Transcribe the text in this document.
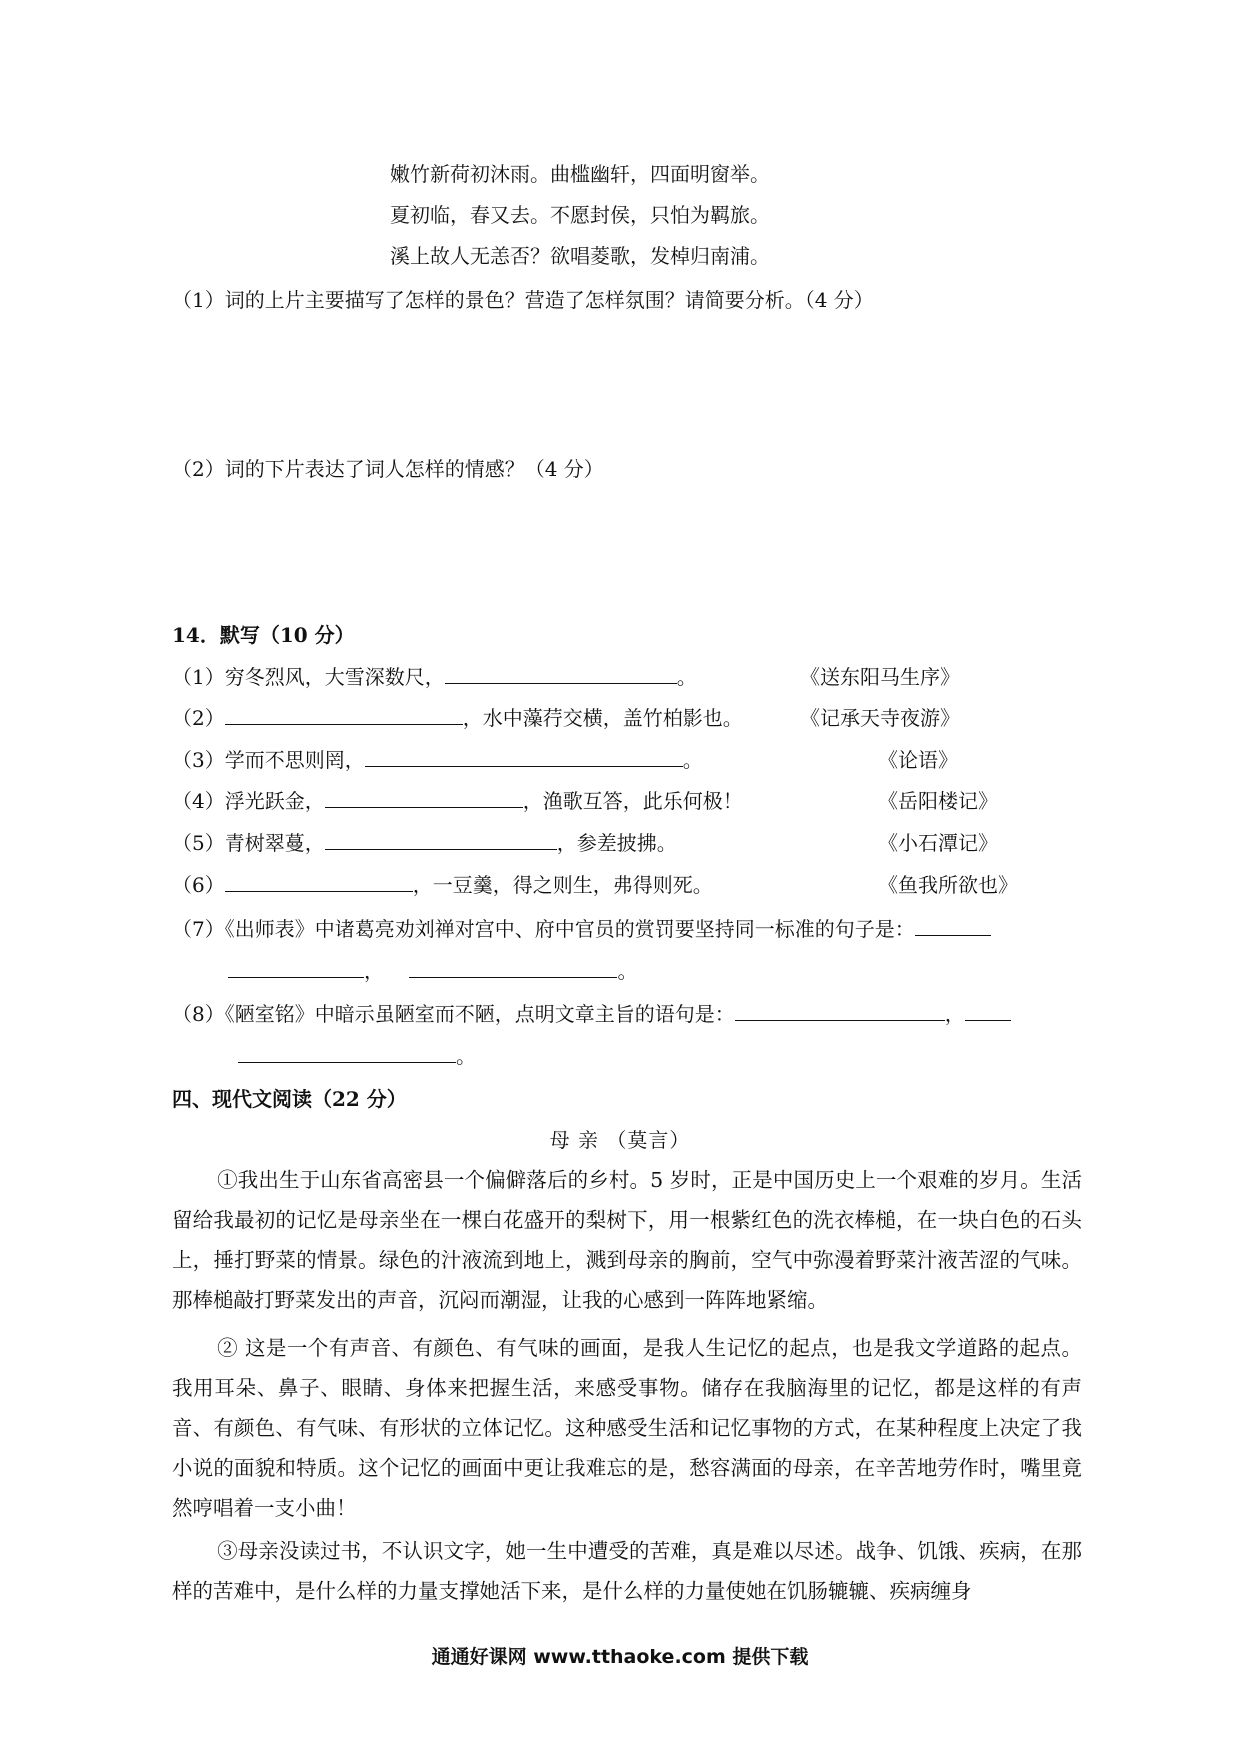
嫩竹新荷初沐雨。曲槛幽轩，四面明窗举。
夏初临，春又去。不愿封侯，只怕为羁旅。
溪上故人无恙否？欲唱菱歌，发棹归南浦。
（1）词的上片主要描写了怎样的景色？营造了怎样氛围？请简要分析。（4 分）
（2）词的下片表达了词人怎样的情感？（4 分）
14．默写（10 分）
（1）穷冬烈风，大雪深数尺，	。	《送东阳马生序》
（2）	，水中藻荇交横，盖竹柏影也。	《记承天寺夜游》
（3）学而不思则罔，	。	《论语》
（4）浮光跃金，	，渔歌互答，此乐何极！	《岳阳楼记》
（5）青树翠蔓，	，参差披拂。	《小石潭记》
（6）	，一豆羹，得之则生，弗得则死。	《鱼我所欲也》
（7）《出师表》中诸葛亮劝刘禅对宫中、府中官员的赏罚要坚持同一标准的句子是：
，	。
（8）《陋室铭》中暗示虽陋室而不陋，点明文章主旨的语句是：	，
。
四、现代文阅读（22 分）
母 亲 （莫言）
①我出生于山东省高密县一个偏僻落后的乡村。5 岁时，正是中国历史上一个艰难的岁月。生活留给我最初的记忆是母亲坐在一棵白花盛开的梨树下，用一根紫红色的洗衣棒槌，在一块白色的石头上，捶打野菜的情景。绿色的汁液流到地上，溅到母亲的胸前，空气中弥漫着野菜汁液苦涩的气味。那棒槌敲打野菜发出的声音，沉闷而潮湿，让我的心感到一阵阵地紧缩。
② 这是一个有声音、有颜色、有气味的画面，是我人生记忆的起点，也是我文学道路的起点。我用耳朵、鼻子、眼睛、身体来把握生活，来感受事物。储存在我脑海里的记忆，都是这样的有声音、有颜色、有气味、有形状的立体记忆。这种感受生活和记忆事物的方式，在某种程度上决定了我小说的面貌和特质。这个记忆的画面中更让我难忘的是，愁容满面的母亲，在辛苦地劳作时，嘴里竟然哼唱着一支小曲！
③母亲没读过书，不认识文字，她一生中遭受的苦难，真是难以尽述。战争、饥饿、疾病，在那样的苦难中，是什么样的力量支撑她活下来，是什么样的力量使她在饥肠辘辘、疾病缠身
通通好课网 www.tthaoke.com 提供下载
